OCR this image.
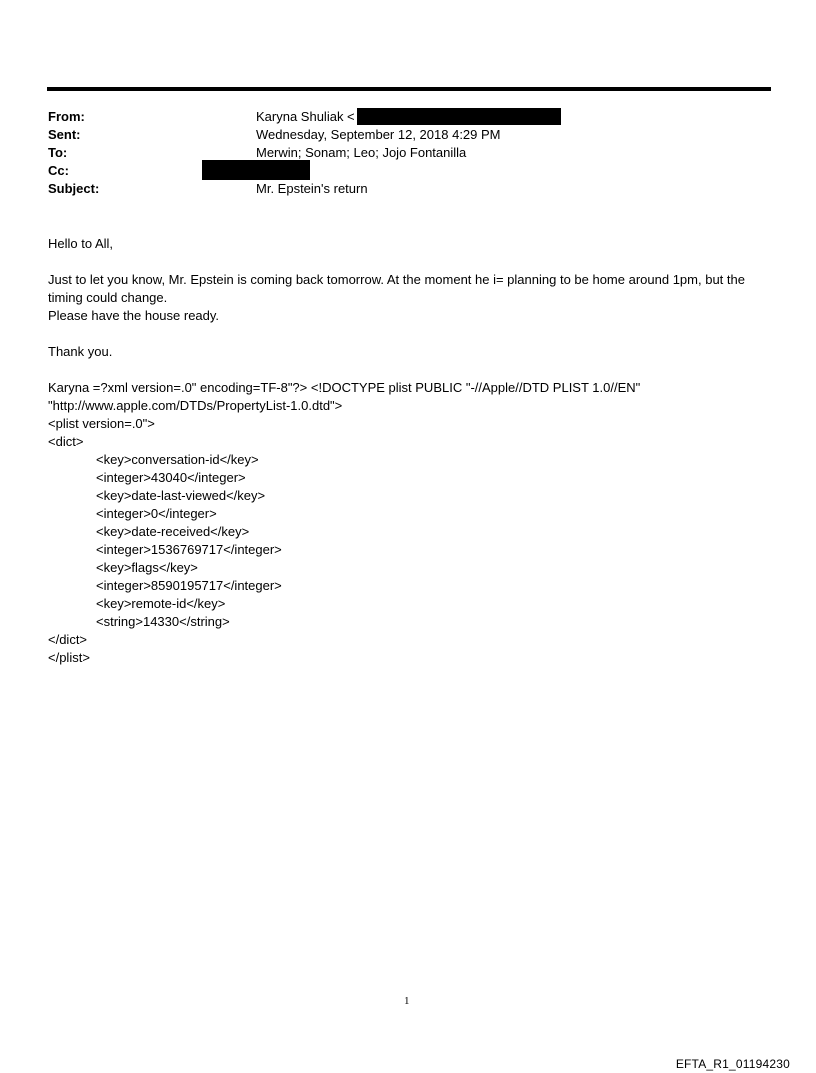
From:	Karyna Shuliak <
Sent:	Wednesday, September 12, 2018 4:29 PM
To:	Merwin; Sonam; Leo; Jojo Fontanilla
Cc:
Subject:	Mr. Epstein's return
Hello to All,
Just to let you know, Mr. Epstein is coming back tomorrow. At the moment he i= planning to be home around 1pm, but the timing could change.
Please have the house ready.
Thank you.
Karyna =?xml version=.0" encoding=TF-8"?> <!DOCTYPE plist PUBLIC "-//Apple//DTD PLIST 1.0//EN"
"http://www.apple.com/DTDs/PropertyList-1.0.dtd">
<plist version=.0">
<dict>
<key>conversation-id</key>
<integer>43040</integer>
<key>date-last-viewed</key>
<integer>0</integer>
<key>date-received</key>
<integer>1536769717</integer>
<key>flags</key>
<integer>8590195717</integer>
<key>remote-id</key>
<string>14330</string>
</dict>
</plist>
1
EFTA_R1_01194230
